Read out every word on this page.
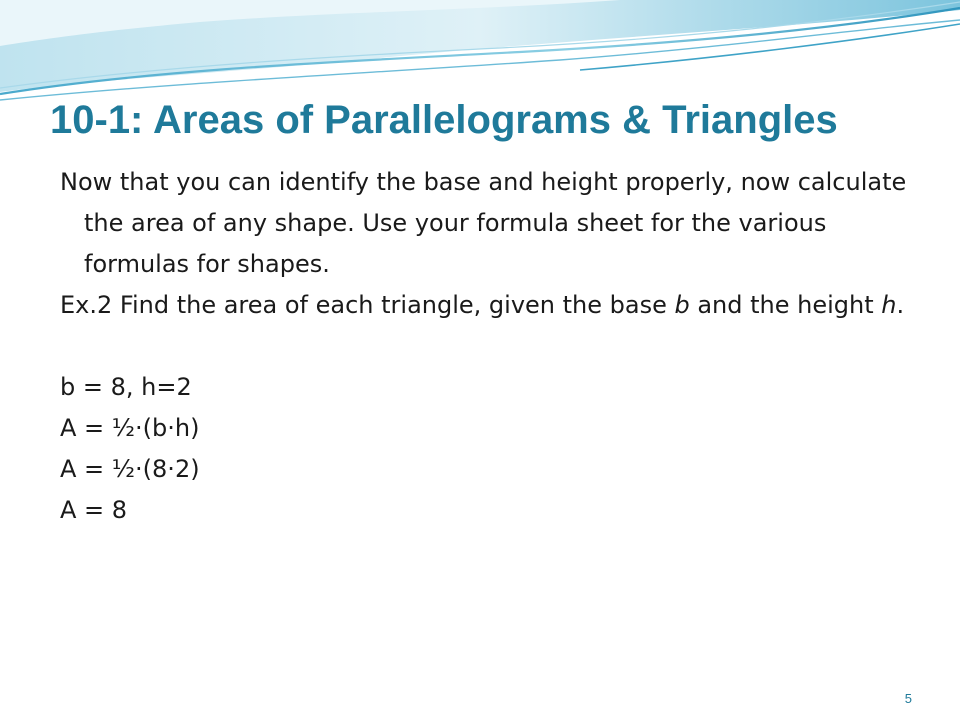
10-1: Areas of Parallelograms & Triangles

Now that you can identify the base and height properly, now calculate the area of any shape. Use your formula sheet for the various formulas for shapes.

Ex.2 Find the area of each triangle, given the base b and the height h.

b = 8, h=2

A = ½·(b·h)

A = ½·(8·2)

A = 8

5
